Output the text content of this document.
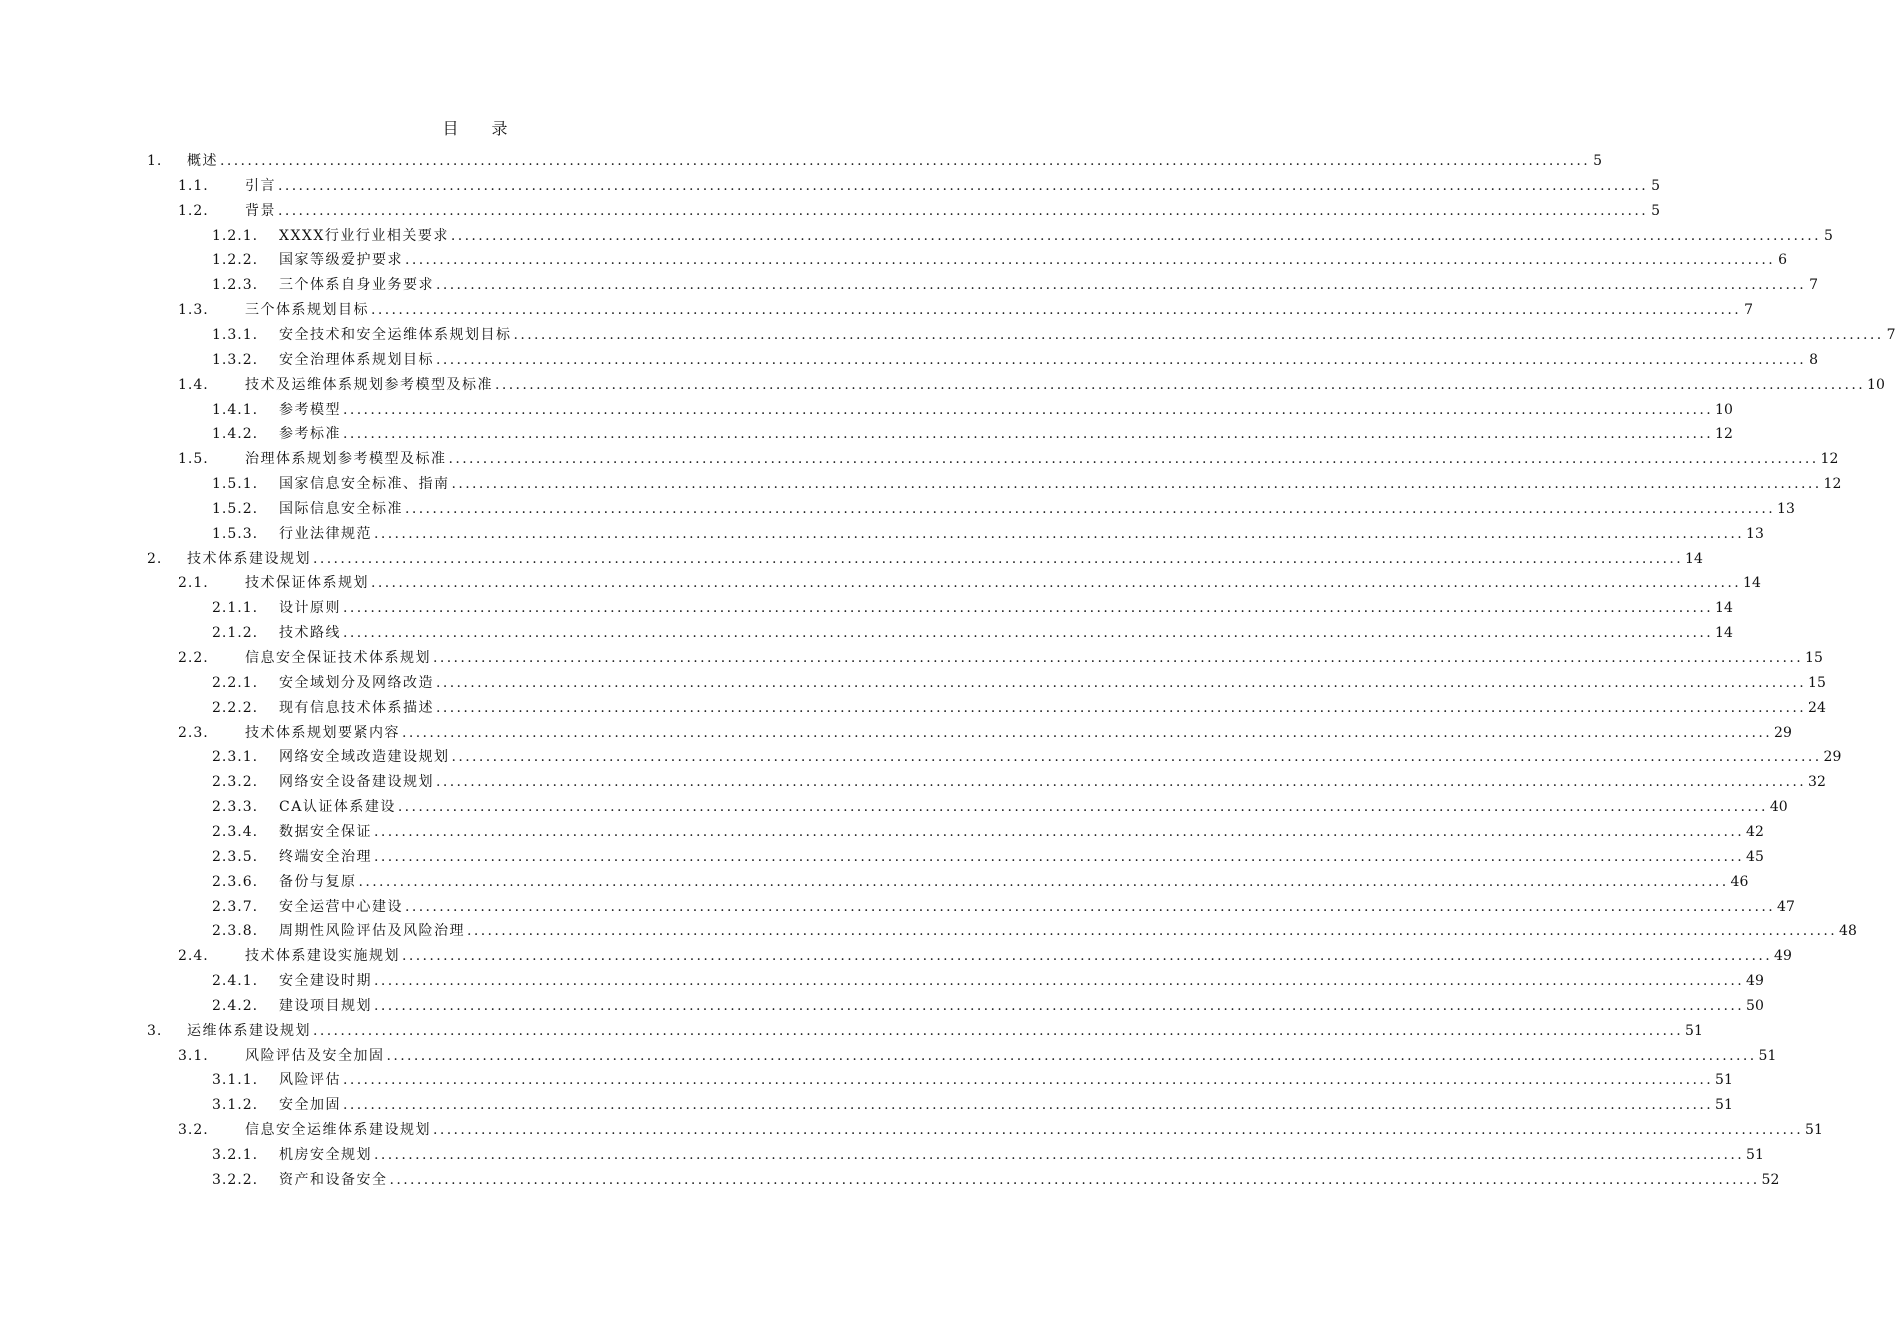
目 录
1.	概述 ........................................................................................................................................................................................................ 5
1.1.	引言 ........................................................................................................................................................................................................ 5
1.2.	背景 ........................................................................................................................................................................................................ 5
1.2.1.	XXXX行业行业相关要求 ........................................................................................................................................................................................................ 5
1.2.2.	国家等级爱护要求 ........................................................................................................................................................................................................ 6
1.2.3.	三个体系自身业务要求 ........................................................................................................................................................................................................ 7
1.3.	三个体系规划目标 ........................................................................................................................................................................................................ 7
1.3.1.	安全技术和安全运维体系规划目标 ........................................................................................................................................................................................................ 7
1.3.2.	安全治理体系规划目标 ........................................................................................................................................................................................................ 8
1.4.	技术及运维体系规划参考模型及标准 ........................................................................................................................................................................................................ 10
1.4.1.	参考模型 ........................................................................................................................................................................................................ 10
1.4.2.	参考标准 ........................................................................................................................................................................................................ 12
1.5.	治理体系规划参考模型及标准 ........................................................................................................................................................................................................ 12
1.5.1.	国家信息安全标准、指南 ........................................................................................................................................................................................................ 12
1.5.2.	国际信息安全标准 ........................................................................................................................................................................................................ 13
1.5.3.	行业法律规范 ........................................................................................................................................................................................................ 13
2.	技术体系建设规划 ........................................................................................................................................................................................................ 14
2.1.	技术保证体系规划 ........................................................................................................................................................................................................ 14
2.1.1.	设计原则 ........................................................................................................................................................................................................ 14
2.1.2.	技术路线 ........................................................................................................................................................................................................ 14
2.2.	信息安全保证技术体系规划 ........................................................................................................................................................................................................ 15
2.2.1.	安全域划分及网络改造 ........................................................................................................................................................................................................ 15
2.2.2.	现有信息技术体系描述 ........................................................................................................................................................................................................ 24
2.3.	技术体系规划要紧内容 ........................................................................................................................................................................................................ 29
2.3.1.	网络安全域改造建设规划 ........................................................................................................................................................................................................ 29
2.3.2.	网络安全设备建设规划 ........................................................................................................................................................................................................ 32
2.3.3.	CA认证体系建设 ........................................................................................................................................................................................................ 40
2.3.4.	数据安全保证 ........................................................................................................................................................................................................ 42
2.3.5.	终端安全治理 ........................................................................................................................................................................................................ 45
2.3.6.	备份与复原 ........................................................................................................................................................................................................ 46
2.3.7.	安全运营中心建设 ........................................................................................................................................................................................................ 47
2.3.8.	周期性风险评估及风险治理 ........................................................................................................................................................................................................ 48
2.4.	技术体系建设实施规划 ........................................................................................................................................................................................................ 49
2.4.1.	安全建设时期 ........................................................................................................................................................................................................ 49
2.4.2.	建设项目规划 ........................................................................................................................................................................................................ 50
3.	运维体系建设规划 ........................................................................................................................................................................................................ 51
3.1.	风险评估及安全加固 ........................................................................................................................................................................................................ 51
3.1.1.	风险评估 ........................................................................................................................................................................................................ 51
3.1.2.	安全加固 ........................................................................................................................................................................................................ 51
3.2.	信息安全运维体系建设规划 ........................................................................................................................................................................................................ 51
3.2.1.	机房安全规划 ........................................................................................................................................................................................................ 51
3.2.2.	资产和设备安全 ........................................................................................................................................................................................................ 52
